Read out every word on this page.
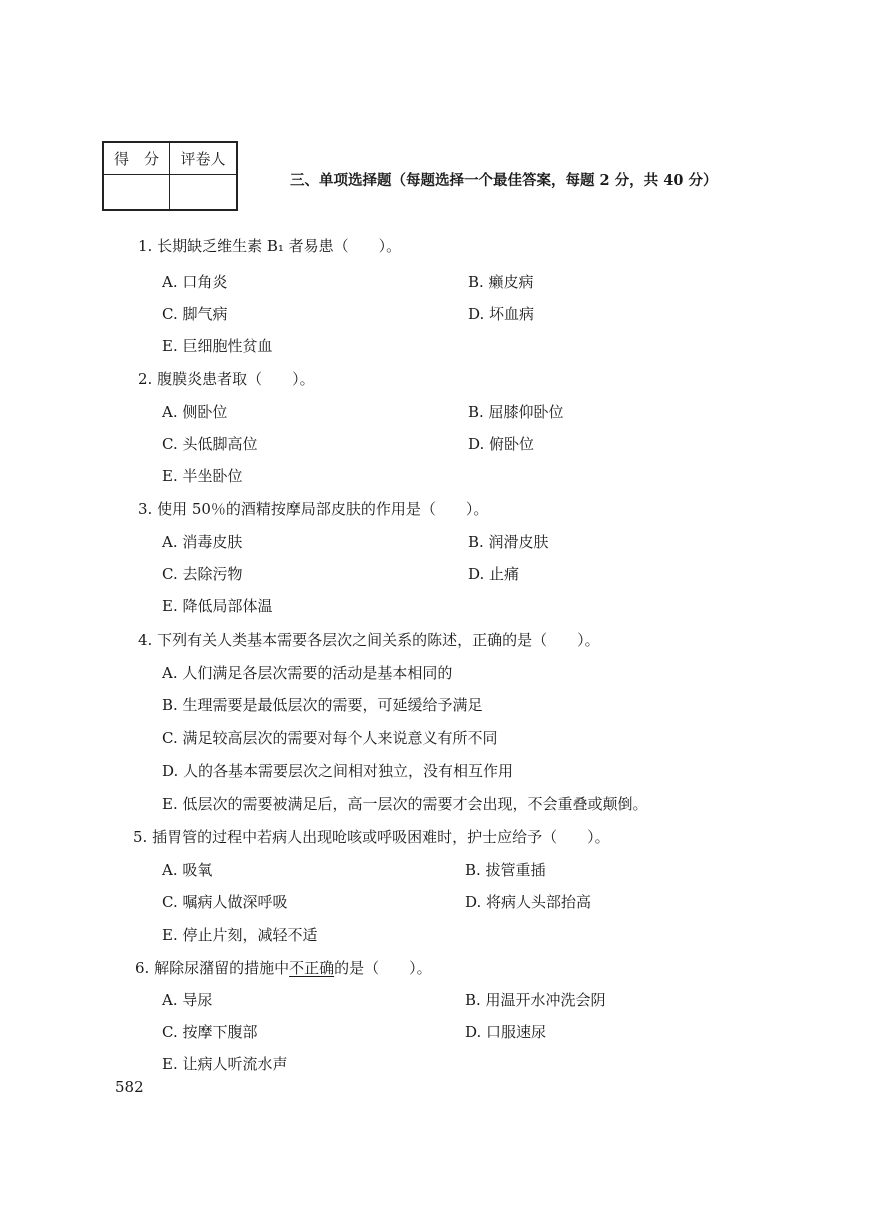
得　分	评卷人
三、单项选择题（每题选择一个最佳答案，每题 2 分，共 40 分）
1. 长期缺乏维生素 B₁ 者易患（　　）。
A. 口角炎	B. 癞皮病
C. 脚气病	D. 坏血病
E. 巨细胞性贫血
2. 腹膜炎患者取（　　）。
A. 侧卧位	B. 屈膝仰卧位
C. 头低脚高位	D. 俯卧位
E. 半坐卧位
3. 使用 50％的酒精按摩局部皮肤的作用是（　　）。
A. 消毒皮肤	B. 润滑皮肤
C. 去除污物	D. 止痛
E. 降低局部体温
4. 下列有关人类基本需要各层次之间关系的陈述，正确的是（　　）。
A. 人们满足各层次需要的活动是基本相同的
B. 生理需要是最低层次的需要，可延缓给予满足
C. 满足较高层次的需要对每个人来说意义有所不同
D. 人的各基本需要层次之间相对独立，没有相互作用
E. 低层次的需要被满足后，高一层次的需要才会出现，不会重叠或颠倒。
5. 插胃管的过程中若病人出现呛咳或呼吸困难时，护士应给予（　　）。
A. 吸氧	B. 拔管重插
C. 嘱病人做深呼吸	D. 将病人头部抬高
E. 停止片刻，减轻不适
6. 解除尿潴留的措施中不正确的是（　　）。
A. 导尿	B. 用温开水冲洗会阴
C. 按摩下腹部	D. 口服速尿
E. 让病人听流水声
582
